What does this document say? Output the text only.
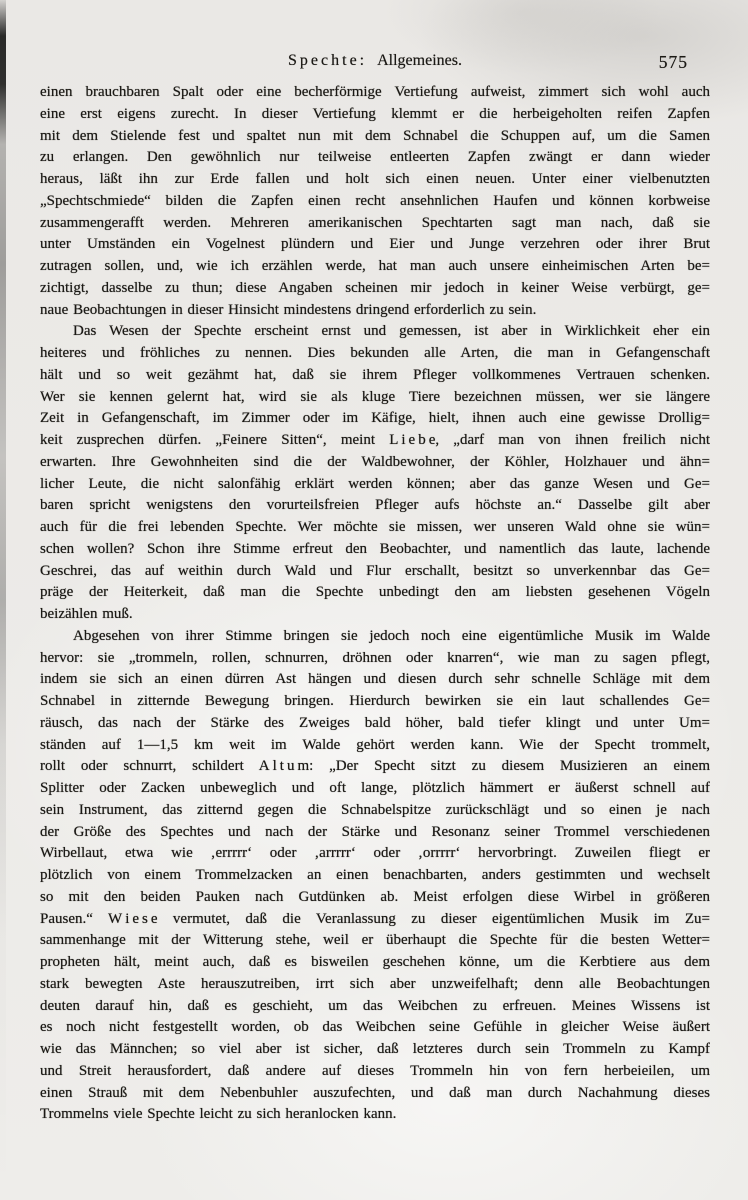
Spechte: Allgemeines.	575
einen brauchbaren Spalt oder eine becherförmige Vertiefung aufweist, zimmert sich wohl auch
eine erst eigens zurecht. In dieser Vertiefung klemmt er die herbeigeholten reifen Zapfen
mit dem Stielende fest und spaltet nun mit dem Schnabel die Schuppen auf, um die Samen
zu erlangen. Den gewöhnlich nur teilweise entleerten Zapfen zwängt er dann wieder
heraus, läßt ihn zur Erde fallen und holt sich einen neuen. Unter einer vielbenutzten
„Spechtschmiede“ bilden die Zapfen einen recht ansehnlichen Haufen und können korbweise
zusammengerafft werden. Mehreren amerikanischen Spechtarten sagt man nach, daß sie
unter Umständen ein Vogelnest plündern und Eier und Junge verzehren oder ihrer Brut
zutragen sollen, und, wie ich erzählen werde, hat man auch unsere einheimischen Arten be=
zichtigt, dasselbe zu thun; diese Angaben scheinen mir jedoch in keiner Weise verbürgt, ge=
naue Beobachtungen in dieser Hinsicht mindestens dringend erforderlich zu sein.
Das Wesen der Spechte erscheint ernst und gemessen, ist aber in Wirklichkeit eher ein
heiteres und fröhliches zu nennen. Dies bekunden alle Arten, die man in Gefangenschaft
hält und so weit gezähmt hat, daß sie ihrem Pfleger vollkommenes Vertrauen schenken.
Wer sie kennen gelernt hat, wird sie als kluge Tiere bezeichnen müssen, wer sie längere
Zeit in Gefangenschaft, im Zimmer oder im Käfige, hielt, ihnen auch eine gewisse Drollig=
keit zusprechen dürfen. „Feinere Sitten“, meint L i e b e, „darf man von ihnen freilich nicht
erwarten. Ihre Gewohnheiten sind die der Waldbewohner, der Köhler, Holzhauer und ähn=
licher Leute, die nicht salonfähig erklärt werden können; aber das ganze Wesen und Ge=
baren spricht wenigstens den vorurteilsfreien Pfleger aufs höchste an.“ Dasselbe gilt aber
auch für die frei lebenden Spechte. Wer möchte sie missen, wer unseren Wald ohne sie wün=
schen wollen? Schon ihre Stimme erfreut den Beobachter, und namentlich das laute, lachende
Geschrei, das auf weithin durch Wald und Flur erschallt, besitzt so unverkennbar das Ge=
präge der Heiterkeit, daß man die Spechte unbedingt den am liebsten gesehenen Vögeln
beizählen muß.
Abgesehen von ihrer Stimme bringen sie jedoch noch eine eigentümliche Musik im Walde
hervor: sie „trommeln, rollen, schnurren, dröhnen oder knarren“, wie man zu sagen pflegt,
indem sie sich an einen dürren Ast hängen und diesen durch sehr schnelle Schläge mit dem
Schnabel in zitternde Bewegung bringen. Hierdurch bewirken sie ein laut schallendes Ge=
räusch, das nach der Stärke des Zweiges bald höher, bald tiefer klingt und unter Um=
ständen auf 1—1,5 km weit im Walde gehört werden kann. Wie der Specht trommelt,
rollt oder schnurrt, schildert A l t u m: „Der Specht sitzt zu diesem Musizieren an einem
Splitter oder Zacken unbeweglich und oft lange, plötzlich hämmert er äußerst schnell auf
sein Instrument, das zitternd gegen die Schnabelspitze zurückschlägt und so einen je nach
der Größe des Spechtes und nach der Stärke und Resonanz seiner Trommel verschiedenen
Wirbellaut, etwa wie ‚errrrr‘ oder ‚arrrrr‘ oder ‚orrrrr‘ hervorbringt. Zuweilen fliegt er
plötzlich von einem Trommelzacken an einen benachbarten, anders gestimmten und wechselt
so mit den beiden Pauken nach Gutdünken ab. Meist erfolgen diese Wirbel in größeren
Pausen.“ W i e s e vermutet, daß die Veranlassung zu dieser eigentümlichen Musik im Zu=
sammenhange mit der Witterung stehe, weil er überhaupt die Spechte für die besten Wetter=
propheten hält, meint auch, daß es bisweilen geschehen könne, um die Kerbtiere aus dem
stark bewegten Aste herauszutreiben, irrt sich aber unzweifelhaft; denn alle Beobachtungen
deuten darauf hin, daß es geschieht, um das Weibchen zu erfreuen. Meines Wissens ist
es noch nicht festgestellt worden, ob das Weibchen seine Gefühle in gleicher Weise äußert
wie das Männchen; so viel aber ist sicher, daß letzteres durch sein Trommeln zu Kampf
und Streit herausfordert, daß andere auf dieses Trommeln hin von fern herbeieilen, um
einen Strauß mit dem Nebenbuhler auszufechten, und daß man durch Nachahmung dieses
Trommelns viele Spechte leicht zu sich heranlocken kann.
